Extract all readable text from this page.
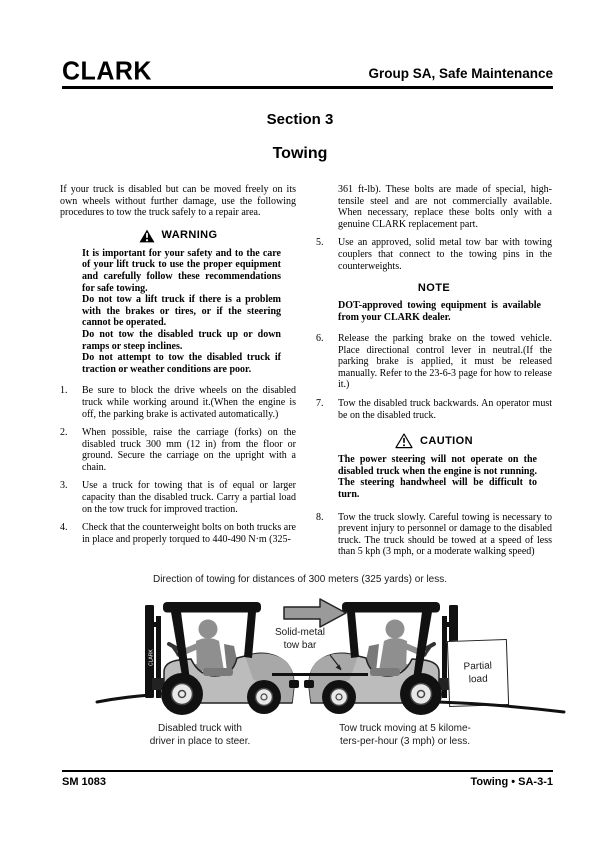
CLARK	Group SA, Safe Maintenance
Section 3
Towing

If your truck is disabled but can be moved freely on its own wheels without further damage, use the following procedures to tow the truck safely to a repair area.

WARNING

It is important for your safety and to the care of your lift truck to use the proper equipment and carefully follow these recommendations for safe towing.

Do not tow a lift truck if there is a problem with the brakes or tires, or if the steering cannot be operated.

Do not tow the disabled truck up or down ramps or steep inclines.

Do not attempt to tow the disabled truck if traction or weather conditions are poor.

1.	Be sure to block the drive wheels on the disabled truck while working around it.(When the engine is off, the parking brake is activated automatically.)
2.	When possible, raise the carriage (forks) on the disabled truck 300 mm (12 in) from the floor or ground. Secure the carriage on the upright with a chain.
3.	Use a truck for towing that is of equal or larger capacity than the disabled truck. Carry a partial load on the tow truck for improved traction.
4.	Check that the counterweight bolts on both trucks are in place and properly torqued to 440-490 N·m (325-

361 ft-lb). These bolts are made of special, high-tensile steel and are not commercially available. When necessary, replace these bolts only with a genuine CLARK replacement part.

5.	Use an approved, solid metal tow bar with towing couplers that connect to the towing pins in the counterweights.
NOTE

DOT-approved towing equipment is available from your CLARK dealer.

6.	Release the parking brake on the towed vehicle. Place directional control lever in neutral.(If the parking brake is applied, it must be released manually. Refer to the 23-6-3 page for how to release it.)
7.	Tow the disabled truck backwards. An operator must be on the disabled truck.
CAUTION

The power steering will not operate on the disabled truck when the engine is not running. The steering handwheel will be difficult to turn.

8.	Tow the truck slowly. Careful towing is necessary to prevent injury to personnel or damage to the disabled truck. The truck should be towed at a speed of less than 5 kph (3 mph, or a moderate walking speed)
Direction of towing for distances of 300 meters (325 yards) or less.
Solid-metal
tow bar
Partial
load
Disabled truck with
driver in place to steer.
Tow truck moving at 5 kilome-
ters-per-hour (3 mph) or less.
SM 1083	Towing • SA-3-1
